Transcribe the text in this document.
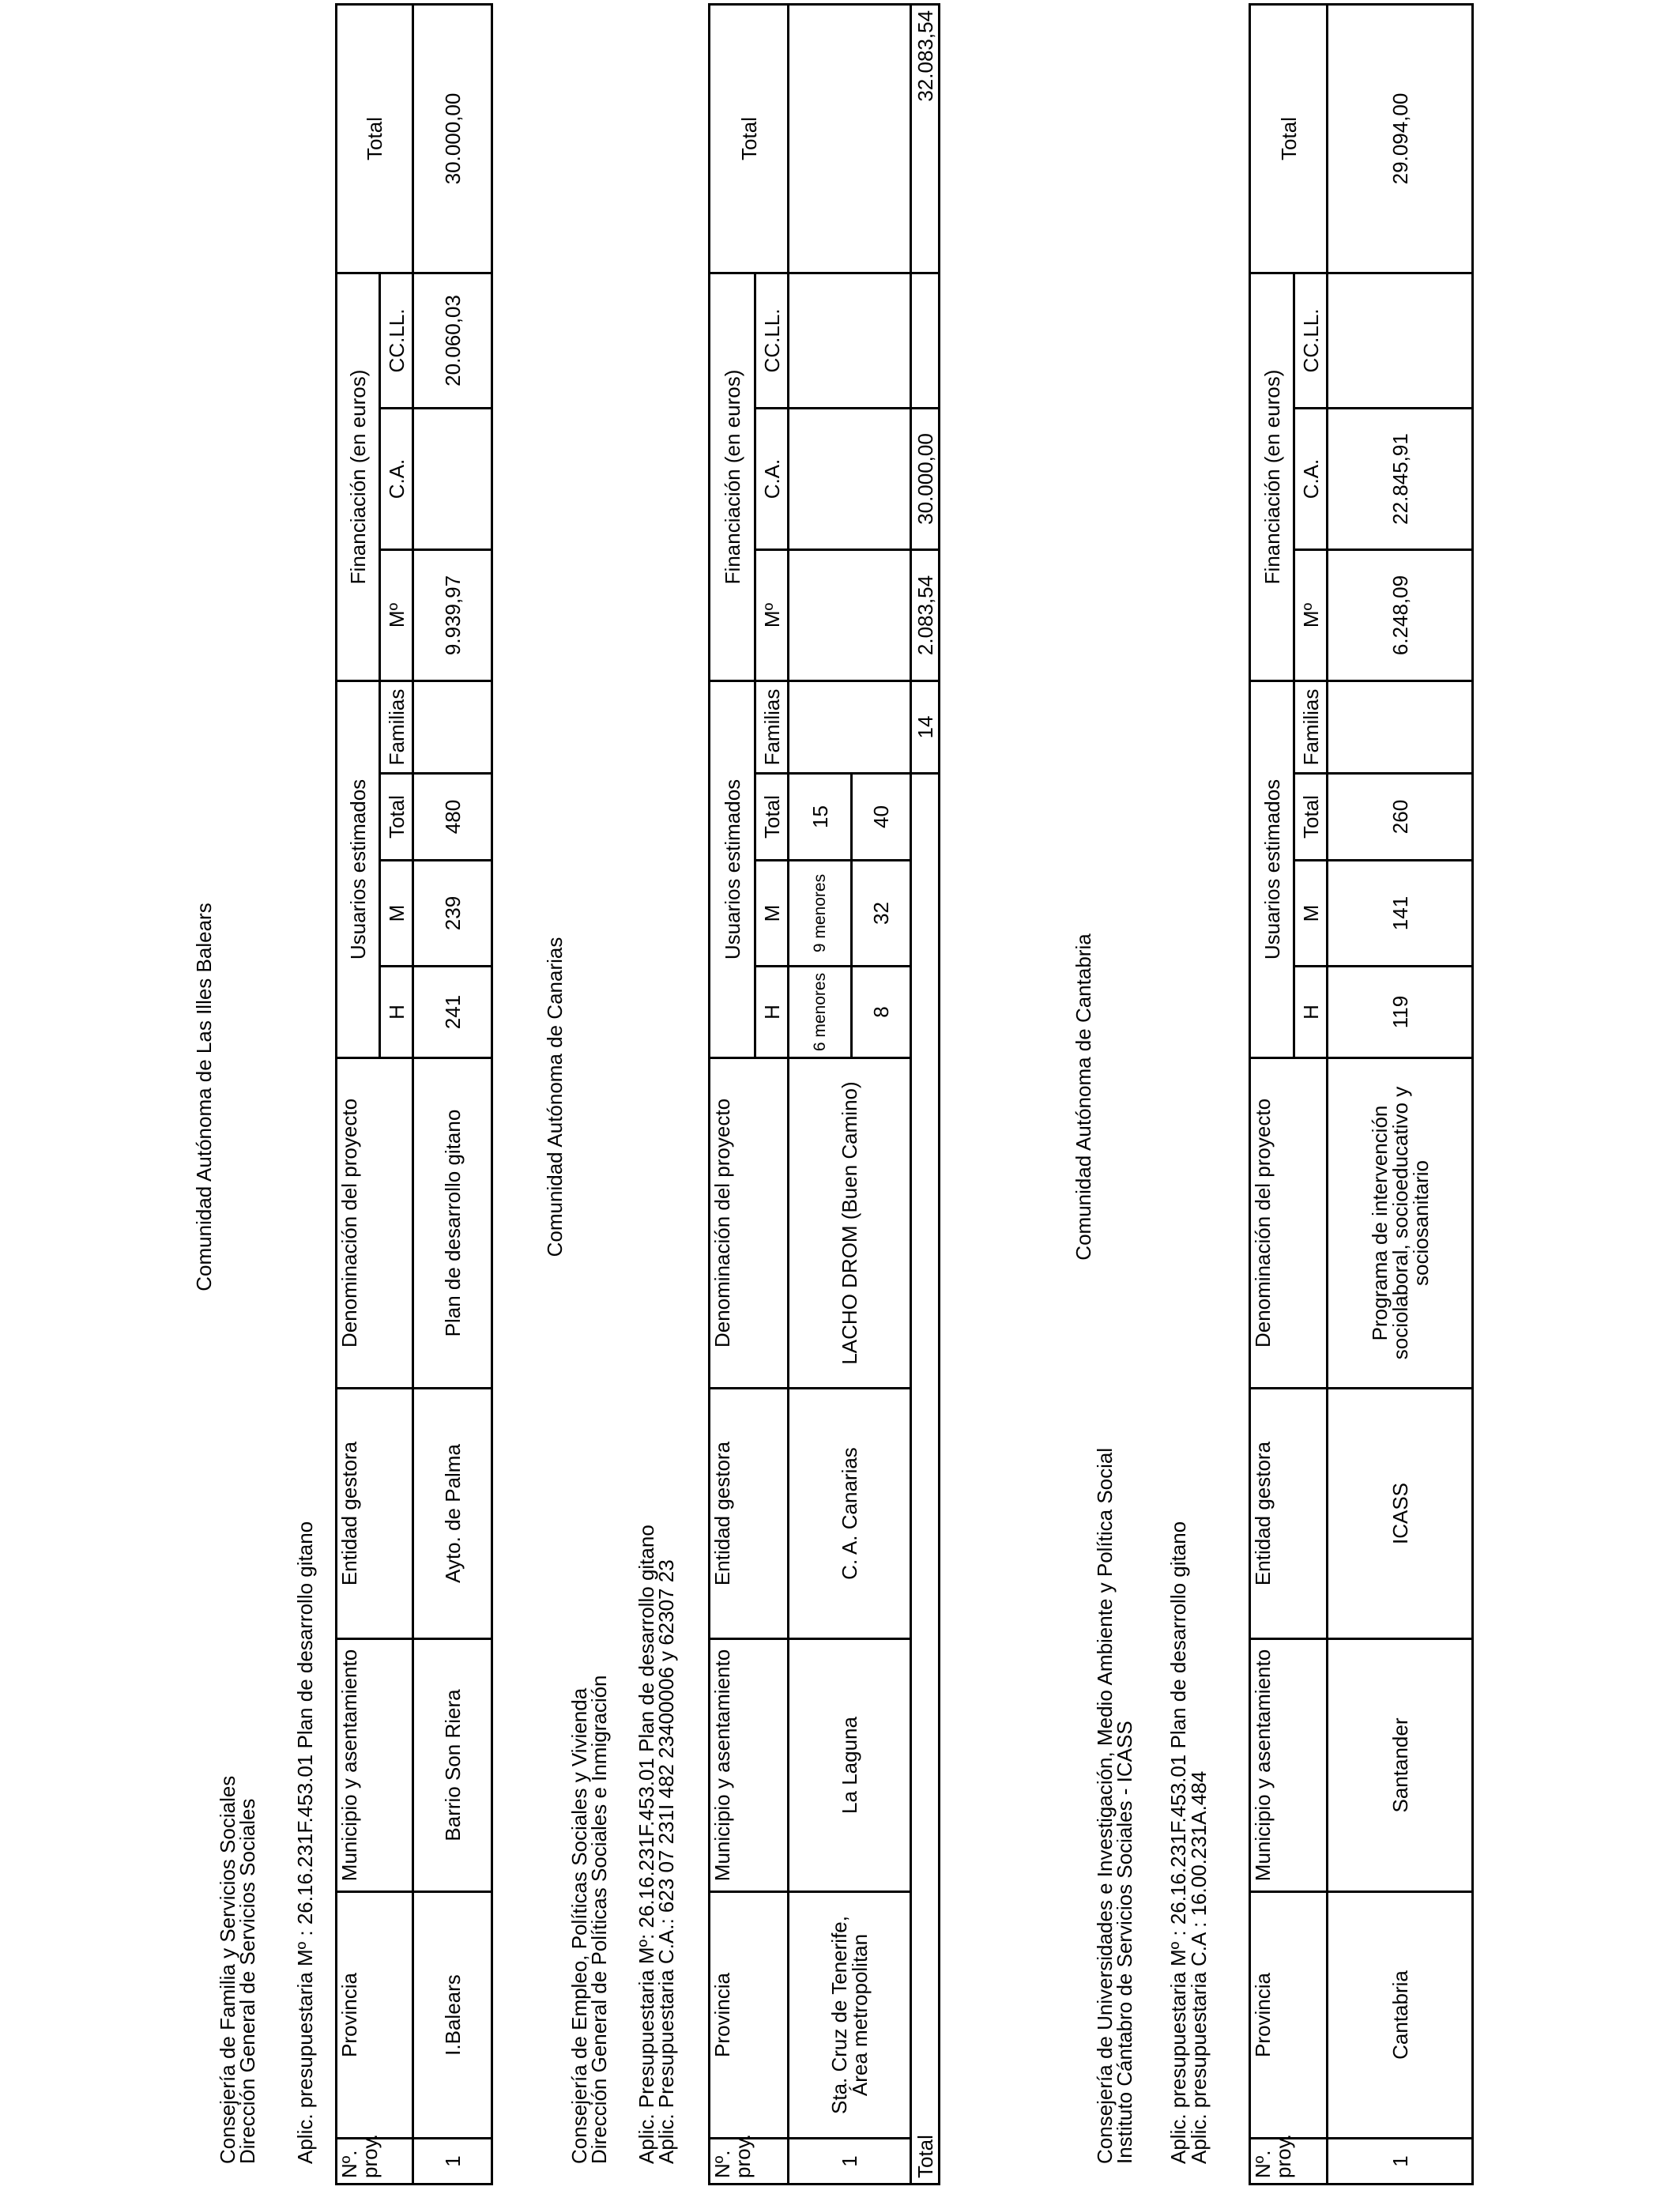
Comunidad Autónoma de Las Illes Balears
Consejería de Familia y Servicios Sociales
Dirección General de Servicios Sociales Aplic. presupuestaria Mº : 26.16.231F.453.01 Plan de desarrollo gitano
Nº. proy.	Provincia	Municipio y asentamiento	Entidad gestora	Denominación del proyecto	Usuarios estimados				Financiación (en euros)			Total
					H	M	Total	Familias	Mº	C.A.	CC.LL.	
1	I.Balears	Barrio Son Riera	Ayto. de Palma	Plan de desarrollo gitano	241	239	480		9.939,97		20.060,03	30.000,00
Comunidad Autónoma de Canarias
Consejería de Empleo, Políticas Sociales y Vivienda
Dirección General de Políticas Sociales e Inmigración Aplic. Presupuestaria Mº: 26.16.231F.453.01 Plan de desarrollo gitano
Aplic. Presupuestaria C.A.: 623 07 231I 482 23400006 y 62307 23
Nº. proy.	Provincia	Municipio y asentamiento	Entidad gestora	Denominación del proyecto	Usuarios estimados				Financiación (en euros)			Total
					H	M	Total	Familias	Mº	C.A.	CC.LL.	
1	Sta. Cruz de Tenerife, Área metropolitan	La Laguna	C. A. Canarias	LACHO DROM (Buen Camino)	6 menores	9 menores	15					
					8	32	40					
Total								14	2.083,54	30.000,00		32.083,54
Comunidad Autónoma de Cantabria
Consejería de Universidades e Investigación, Medio Ambiente y Política Social
Instituto Cántabro de Servicios Sociales - ICASS Aplic. presupuestaria Mº : 26.16.231F.453.01 Plan de desarrollo gitano
Aplic. presupuestaria C.A : 16.00.231A.484
Nº. proy.	Provincia	Municipio y asentamiento	Entidad gestora	Denominación del proyecto	Usuarios estimados				Financiación (en euros)			Total
					H	M	Total	Familias	Mº	C.A.	CC.LL.	
1	Cantabria	Santander	ICASS	Programa de intervención sociolaboral, socioeducativo y sociosanitario	119	141	260		6.248,09	22.845,91		29.094,00
